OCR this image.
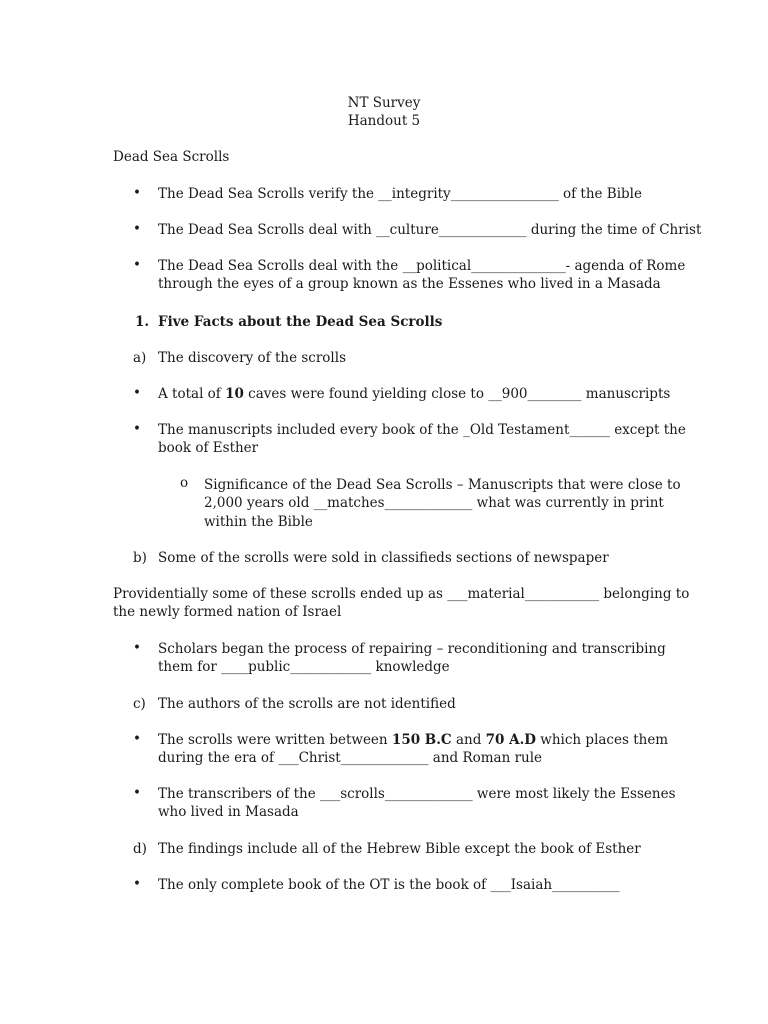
NT Survey
Handout 5
Dead Sea Scrolls
• The Dead Sea Scrolls verify the __integrity________________ of the Bible
• The Dead Sea Scrolls deal with __culture_____________ during the time of Christ
• The Dead Sea Scrolls deal with the __political______________- agenda of Rome
through the eyes of a group known as the Essenes who lived in a Masada
1. Five Facts about the Dead Sea Scrolls
a) The discovery of the scrolls
• A total of 10 caves were found yielding close to __900________ manuscripts
• The manuscripts included every book of the _Old Testament______ except the
book of Esther
o Significance of the Dead Sea Scrolls – Manuscripts that were close to
2,000 years old __matches_____________ what was currently in print
within the Bible
b) Some of the scrolls were sold in classifieds sections of newspaper
Providentially some of these scrolls ended up as ___material___________ belonging to
the newly formed nation of Israel
• Scholars began the process of repairing – reconditioning and transcribing
them for ____public____________ knowledge
c) The authors of the scrolls are not identified
• The scrolls were written between 150 B.C and 70 A.D which places them
during the era of ___Christ_____________ and Roman rule
• The transcribers of the ___scrolls_____________ were most likely the Essenes
who lived in Masada
d) The findings include all of the Hebrew Bible except the book of Esther
• The only complete book of the OT is the book of ___Isaiah__________
